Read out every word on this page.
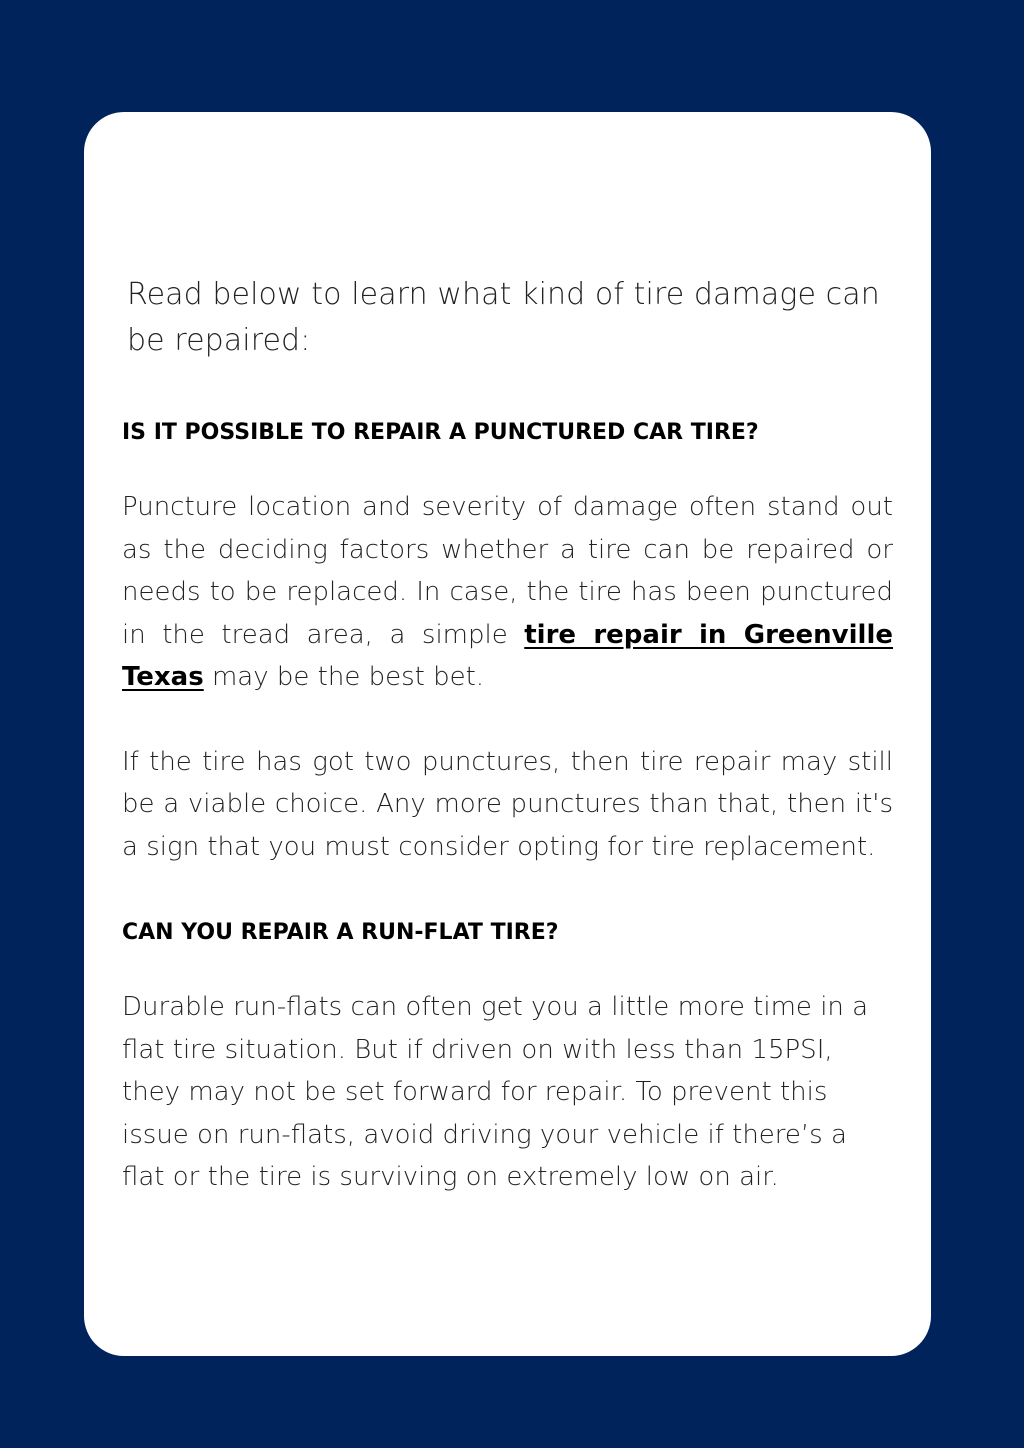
Read below to learn what kind of tire damage can be repaired:

IS IT POSSIBLE TO REPAIR A PUNCTURED CAR TIRE?

Puncture location and severity of damage often stand out as the deciding factors whether a tire can be repaired or needs to be replaced. In case, the tire has been punctured in the tread area, a simple tire repair in Greenville Texas may be the best bet.

If the tire has got two punctures, then tire repair may still be a viable choice. Any more punctures than that, then it's a sign that you must consider opting for tire replacement.

CAN YOU REPAIR A RUN-FLAT TIRE?

Durable run-flats can often get you a little more time in a flat tire situation. But if driven on with less than 15PSI, they may not be set forward for repair. To prevent this issue on run-flats, avoid driving your vehicle if there’s a flat or the tire is surviving on extremely low on air.
